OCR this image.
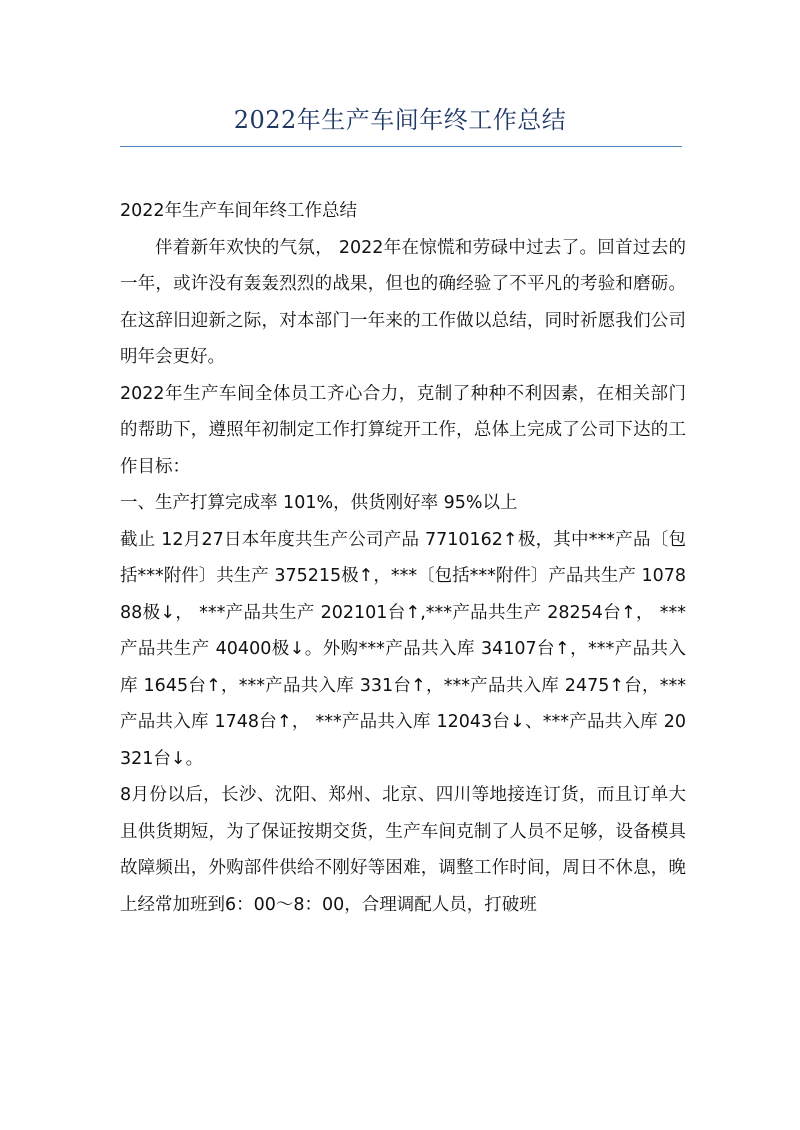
2022年生产车间年终工作总结

2022年生产车间年终工作总结

伴着新年欢快的气氛， 2022年在惊慌和劳碌中过去了。回首过去的一年，或许没有轰轰烈烈的战果，但也的确经验了不平凡的考验和磨砺。在这辞旧迎新之际，对本部门一年来的工作做以总结，同时祈愿我们公司明年会更好。

2022年生产车间全体员工齐心合力，克制了种种不利因素，在相关部门的帮助下，遵照年初制定工作打算绽开工作，总体上完成了公司下达的工作目标：

一、生产打算完成率 101%，供货刚好率 95%以上

截止 12月27日本年度共生产公司产品 7710162↑极，其中***产品〔包括***附件〕共生产 375215极↑，***〔包括***附件〕产品共生产 107888极↓， ***产品共生产 202101台↑,***产品共生产 28254台↑， ***产品共生产 40400极↓。外购***产品共入库 34107台↑，***产品共入库 1645台↑，***产品共入库 331台↑，***产品共入库 2475↑台，***产品共入库 1748台↑， ***产品共入库 12043台↓、***产品共入库 20321台↓。

8月份以后，长沙、沈阳、郑州、北京、四川等地接连订货，而且订单大且供货期短，为了保证按期交货，生产车间克制了人员不足够，设备模具故障频出，外购部件供给不刚好等困难，调整工作时间，周日不休息，晚上经常加班到6：00～8：00，合理调配人员，打破班
